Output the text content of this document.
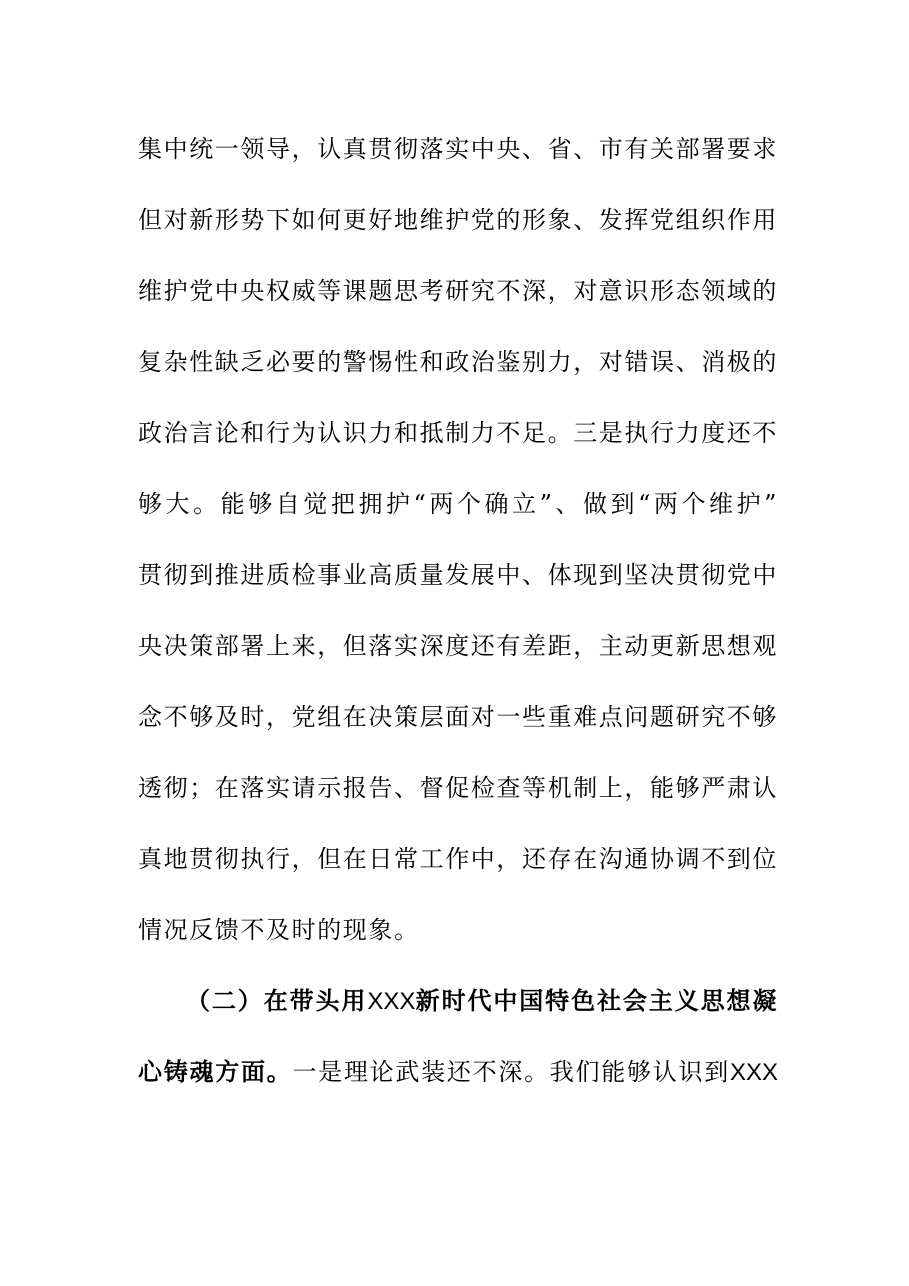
集中统一领导，认真贯彻落实中央、省、市有关部署要求
但对新形势下如何更好地维护党的形象、发挥党组织作用
维护党中央权威等课题思考研究不深，对意识形态领域的
复杂性缺乏必要的警惕性和政治鉴别力，对错误、消极的
政治言论和行为认识力和抵制力不足。三是执行力度还不
够大。能够自觉把拥护“两个确立”、做到“两个维护”
贯彻到推进质检事业高质量发展中、体现到坚决贯彻党中
央决策部署上来，但落实深度还有差距，主动更新思想观
念不够及时，党组在决策层面对一些重难点问题研究不够
透彻；在落实请示报告、督促检查等机制上，能够严肃认
真地贯彻执行，但在日常工作中，还存在沟通协调不到位
情况反馈不及时的现象。
（二）在带头用XXX新时代中国特色社会主义思想凝
心铸魂方面。一是理论武装还不深。我们能够认识到XXX
